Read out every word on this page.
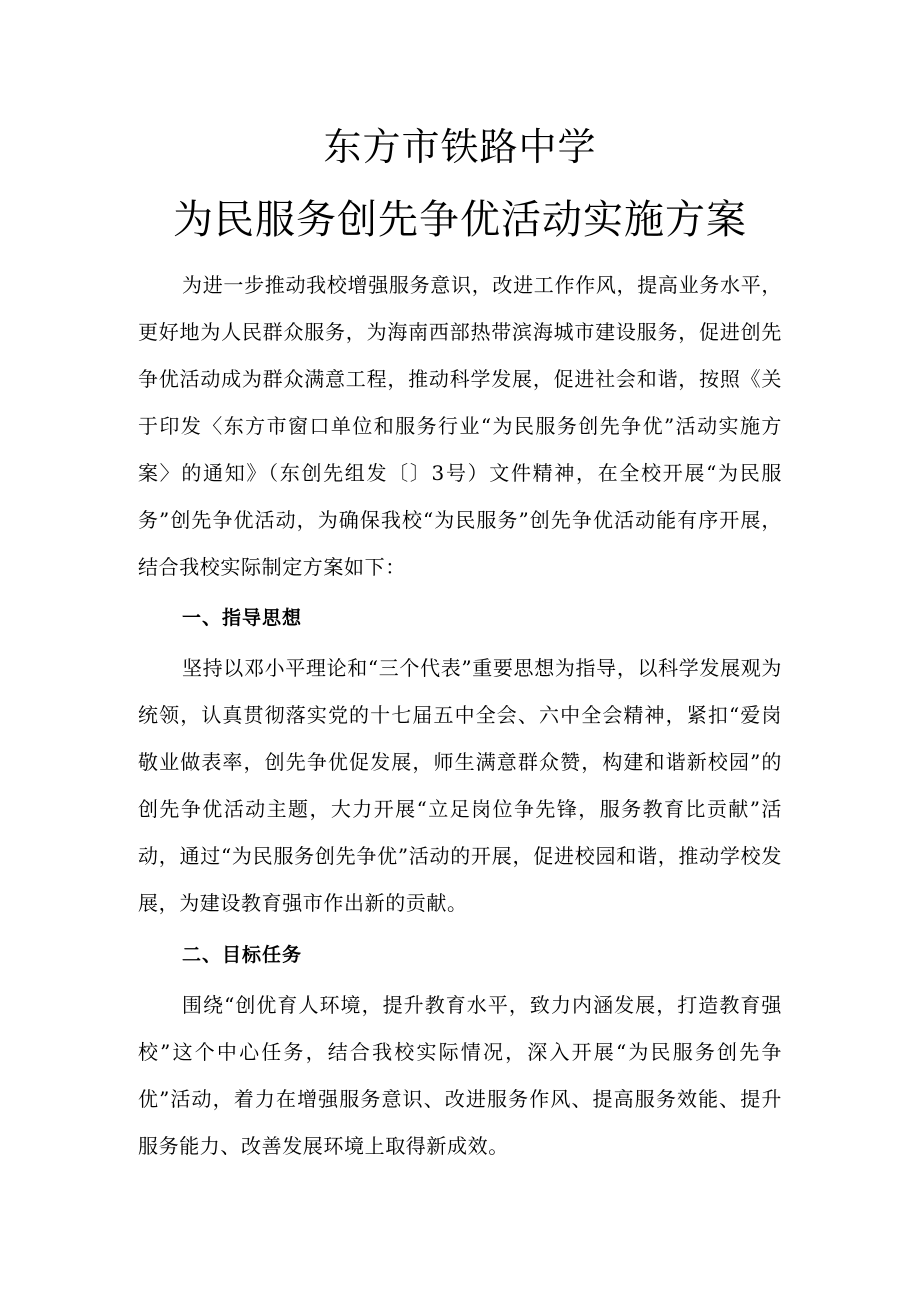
东方市铁路中学
为民服务创先争优活动实施方案

为进一步推动我校增强服务意识，改进工作作风，提高业务水平，更好地为人民群众服务，为海南西部热带滨海城市建设服务，促进创先争优活动成为群众满意工程，推动科学发展，促进社会和谐，按照《关于印发〈东方市窗口单位和服务行业“为民服务创先争优”活动实施方案〉的通知》（东创先组发〔〕3号）文件精神，在全校开展“为民服务”创先争优活动，为确保我校“为民服务”创先争优活动能有序开展，结合我校实际制定方案如下：

一、指导思想

坚持以邓小平理论和“三个代表”重要思想为指导，以科学发展观为统领，认真贯彻落实党的十七届五中全会、六中全会精神，紧扣“爱岗敬业做表率，创先争优促发展，师生满意群众赞，构建和谐新校园”的创先争优活动主题，大力开展“立足岗位争先锋，服务教育比贡献”活动，通过“为民服务创先争优”活动的开展，促进校园和谐，推动学校发展，为建设教育强市作出新的贡献。

二、目标任务

围绕“创优育人环境，提升教育水平，致力内涵发展，打造教育强校”这个中心任务，结合我校实际情况，深入开展“为民服务创先争优”活动，着力在增强服务意识、改进服务作风、提高服务效能、提升服务能力、改善发展环境上取得新成效。
